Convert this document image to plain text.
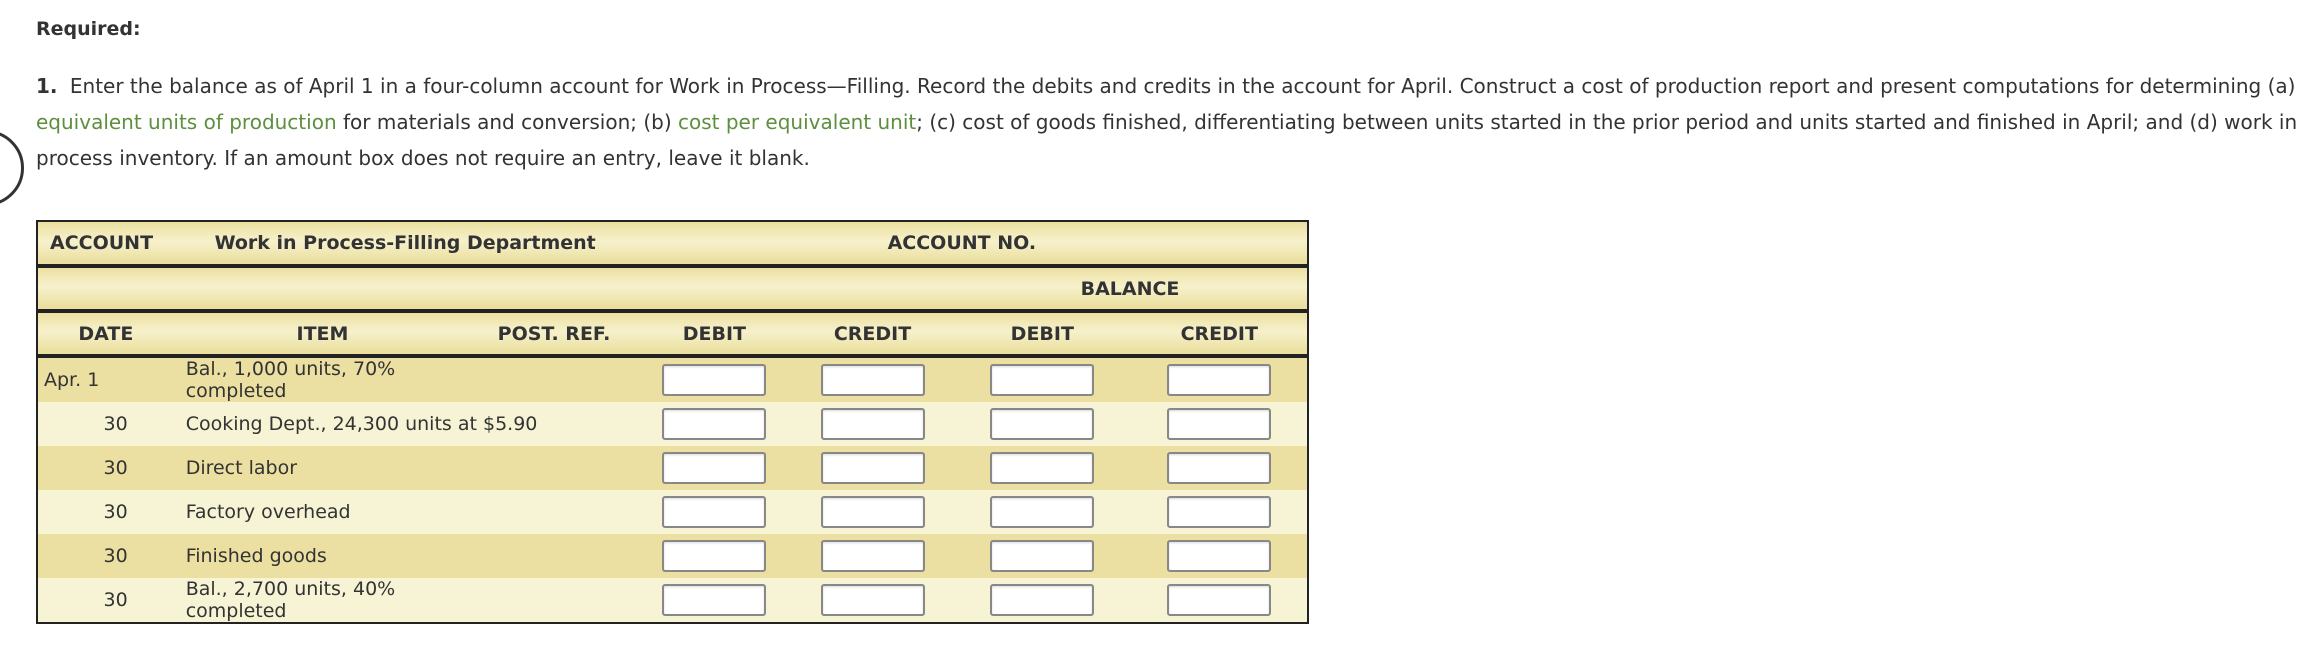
Required:
1. Enter the balance as of April 1 in a four-column account for Work in Process—Filling. Record the debits and credits in the account for April. Construct a cost of production report and present computations for determining (a) equivalent units of production for materials and conversion; (b) cost per equivalent unit; (c) cost of goods finished, differentiating between units started in the prior period and units started and finished in April; and (d) work in process inventory. If an amount box does not require an entry, leave it blank.
ACCOUNT	Work in Process-Filling Department			ACCOUNT NO.		
					BALANCE	
DATE	ITEM	POST. REF.	DEBIT	CREDIT	DEBIT	CREDIT
Apr. 1	Bal., 1,000 units, 70% completed					
30	Cooking Dept., 24,300 units at $5.90				
30	Direct labor					
30	Factory overhead					
30	Finished goods					
30	Bal., 2,700 units, 40% completed					
